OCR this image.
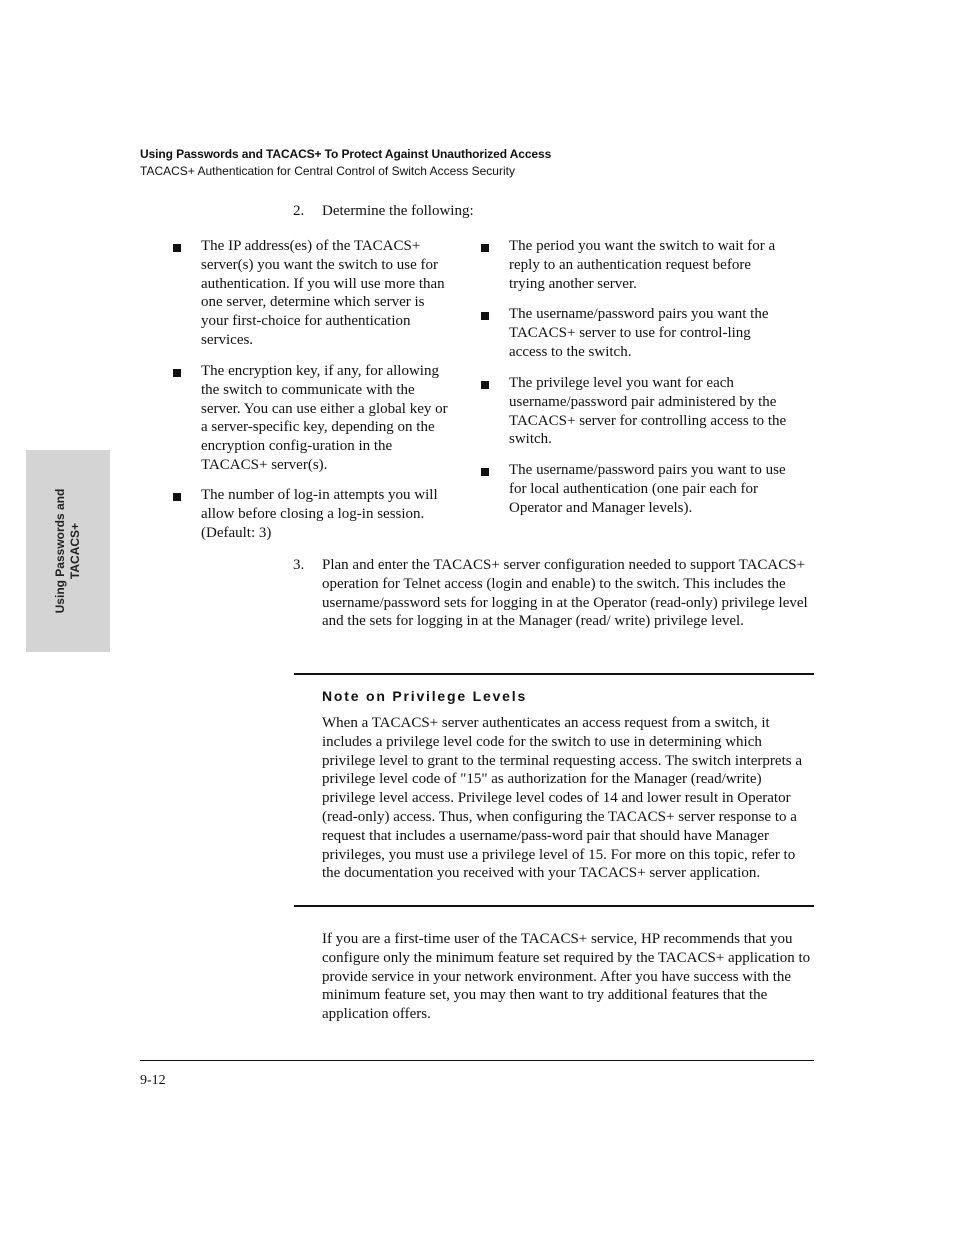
Using Passwords and TACACS+ To Protect Against Unauthorized Access
TACACS+ Authentication for Central Control of Switch Access Security
Using Passwords and TACACS+
2. Determine the following:
The IP address(es) of the TACACS+ server(s) you want the switch to use for authentication. If you will use more than one server, determine which server is your first-choice for authentication services.
The encryption key, if any, for allowing the switch to communicate with the server. You can use either a global key or a server-specific key, depending on the encryption config-uration in the TACACS+ server(s).
The number of log-in attempts you will allow before closing a log-in session. (Default: 3)
The period you want the switch to wait for a reply to an authentication request before trying another server.
The username/password pairs you want the TACACS+ server to use for control-ling access to the switch.
The privilege level you want for each username/password pair administered by the TACACS+ server for controlling access to the switch.
The username/password pairs you want to use for local authentication (one pair each for Operator and Manager levels).
3. Plan and enter the TACACS+ server configuration needed to support TACACS+ operation for Telnet access (login and enable) to the switch. This includes the username/password sets for logging in at the Operator (read-only) privilege level and the sets for logging in at the Manager (read/ write) privilege level.
Note on Privilege Levels
When a TACACS+ server authenticates an access request from a switch, it includes a privilege level code for the switch to use in determining which privilege level to grant to the terminal requesting access. The switch interprets a privilege level code of "15" as authorization for the Manager (read/write) privilege level access. Privilege level codes of 14 and lower result in Operator (read-only) access. Thus, when configuring the TACACS+ server response to a request that includes a username/pass-word pair that should have Manager privileges, you must use a privilege level of 15. For more on this topic, refer to the documentation you received with your TACACS+ server application.
If you are a first-time user of the TACACS+ service, HP recommends that you configure only the minimum feature set required by the TACACS+ application to provide service in your network environment. After you have success with the minimum feature set, you may then want to try additional features that the application offers.
9-12
